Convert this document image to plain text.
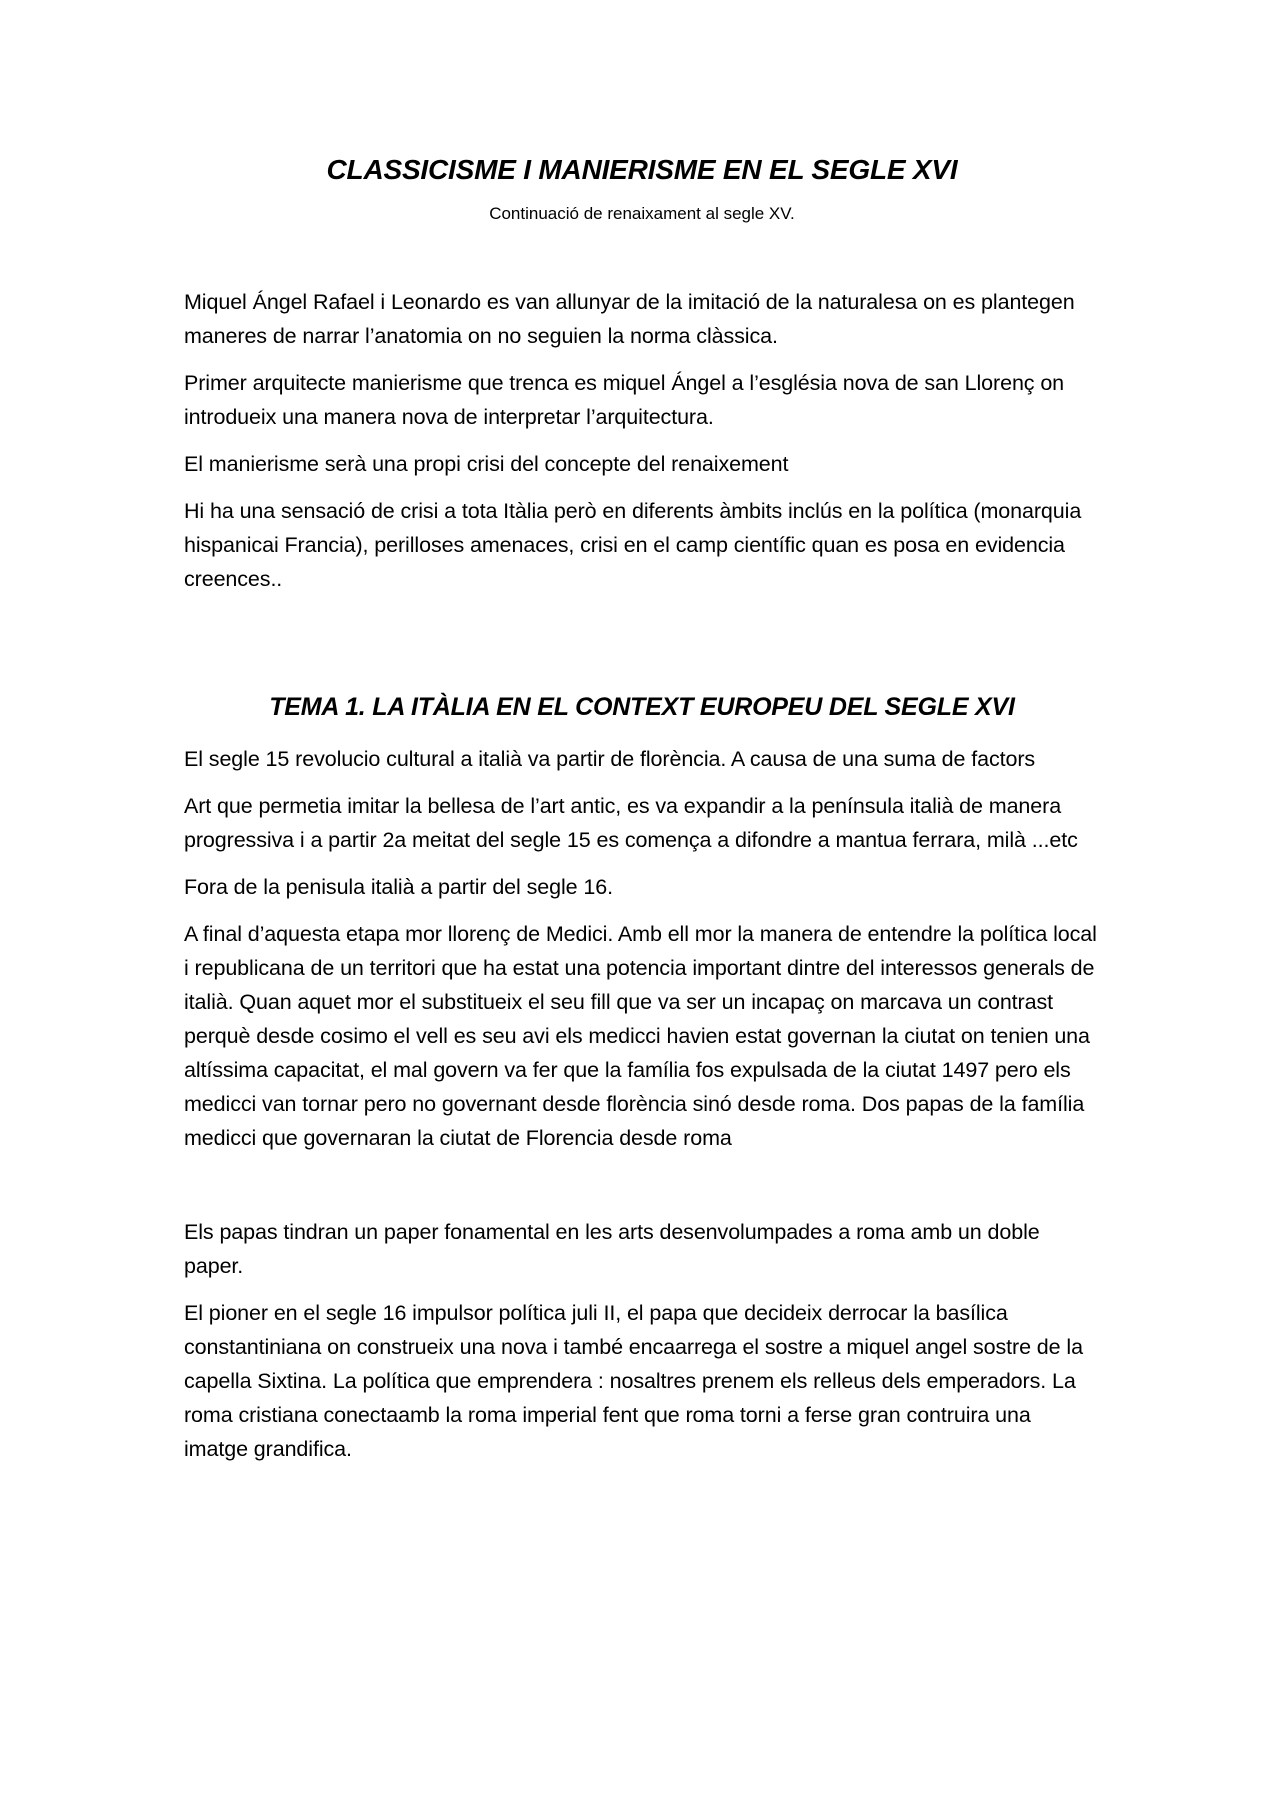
CLASSICISME I MANIERISME EN EL SEGLE XVI

Continuació de renaixament al segle XV.

Miquel Ángel Rafael i Leonardo es van allunyar de la imitació de la naturalesa on es plantegen maneres de narrar l’anatomia on no seguien la norma clàssica.

Primer arquitecte manierisme que trenca es miquel Ángel a l’església nova de san Llorenç on introdueix una manera nova de interpretar l’arquitectura.

El manierisme serà una propi crisi del concepte del renaixement

Hi ha una sensació de crisi a tota Itàlia però en diferents àmbits inclús en la política (monarquia hispanicai Francia), perilloses amenaces, crisi en el camp científic quan es posa en evidencia creences..

TEMA 1. LA ITÀLIA EN EL CONTEXT EUROPEU DEL SEGLE XVI

El segle 15 revolucio cultural a italià va partir de florència. A causa de una suma de factors

Art que permetia imitar la bellesa de l’art antic, es va expandir a la península italià de manera progressiva i a partir 2a meitat del segle 15 es comença a difondre a mantua ferrara, milà ...etc

Fora de la penisula italià a partir del segle 16.

A final d’aquesta etapa mor llorenç de Medici. Amb ell mor la manera de entendre la política local i republicana de un territori que ha estat una potencia important dintre del interessos generals de italià. Quan aquet mor el substitueix el seu fill que va ser un incapaç on marcava un contrast perquè desde cosimo el vell es seu avi els medicci havien estat governan la ciutat on tenien una altíssima capacitat, el mal govern va fer que la família fos expulsada de la ciutat 1497 pero els medicci van tornar pero no governant desde florència sinó desde roma. Dos papas de la família medicci que governaran la ciutat de Florencia desde roma

Els papas tindran un paper fonamental en les arts desenvolumpades a roma amb un doble paper.

El pioner en el segle 16 impulsor política juli II, el papa que decideix derrocar la basílica constantiniana on construeix una nova i també encaarrega el sostre a miquel angel sostre de la capella Sixtina. La política que emprendera : nosaltres prenem els relleus dels emperadors. La roma cristiana conectaamb la roma imperial fent que roma torni a ferse gran contruira una imatge grandifica.
